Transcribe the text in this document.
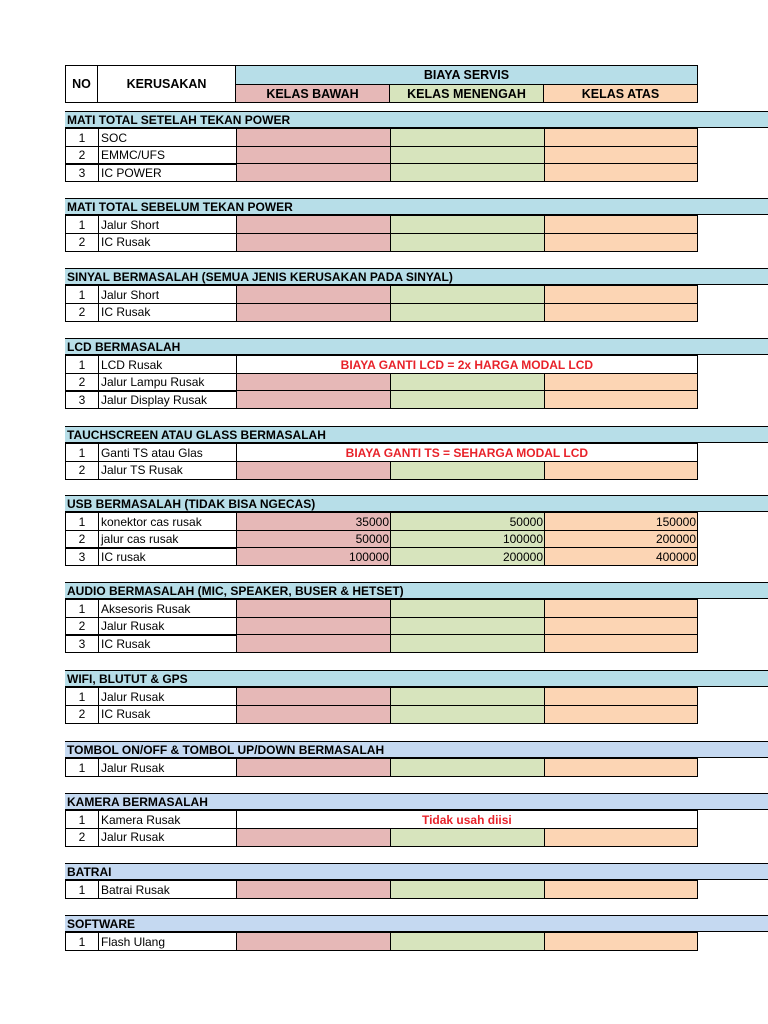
NO	KERUSAKAN
BIAYA SERVIS
KELAS BAWAH	KELAS MENENGAH	KELAS ATAS
MATI TOTAL SETELAH TEKAN POWER
1	SOC
2	EMMC/UFS
3	IC POWER
MATI TOTAL SEBELUM TEKAN POWER
1	Jalur Short
2	IC Rusak
SINYAL BERMASALAH (SEMUA JENIS KERUSAKAN PADA SINYAL)
1	Jalur Short
2	IC Rusak
LCD BERMASALAH
1	LCD Rusak	BIAYA GANTI LCD = 2x HARGA MODAL LCD
2	Jalur Lampu Rusak
3	Jalur Display Rusak
TAUCHSCREEN ATAU GLASS BERMASALAH
1	Ganti TS atau Glas	BIAYA GANTI TS = SEHARGA MODAL LCD
2	Jalur TS Rusak
USB BERMASALAH (TIDAK BISA NGECAS)
1	konektor cas rusak	35000	50000	150000
2	jalur cas rusak	50000	100000	200000
3	IC rusak	100000	200000	400000
AUDIO BERMASALAH (MIC, SPEAKER, BUSER & HETSET)
1	Aksesoris Rusak
2	Jalur Rusak
3	IC Rusak
WIFI, BLUTUT & GPS
1	Jalur Rusak
2	IC Rusak
TOMBOL ON/OFF & TOMBOL UP/DOWN BERMASALAH
1	Jalur Rusak
KAMERA BERMASALAH
1	Kamera Rusak	Tidak usah diisi
2	Jalur Rusak
BATRAI
1	Batrai Rusak
SOFTWARE
1	Flash Ulang
